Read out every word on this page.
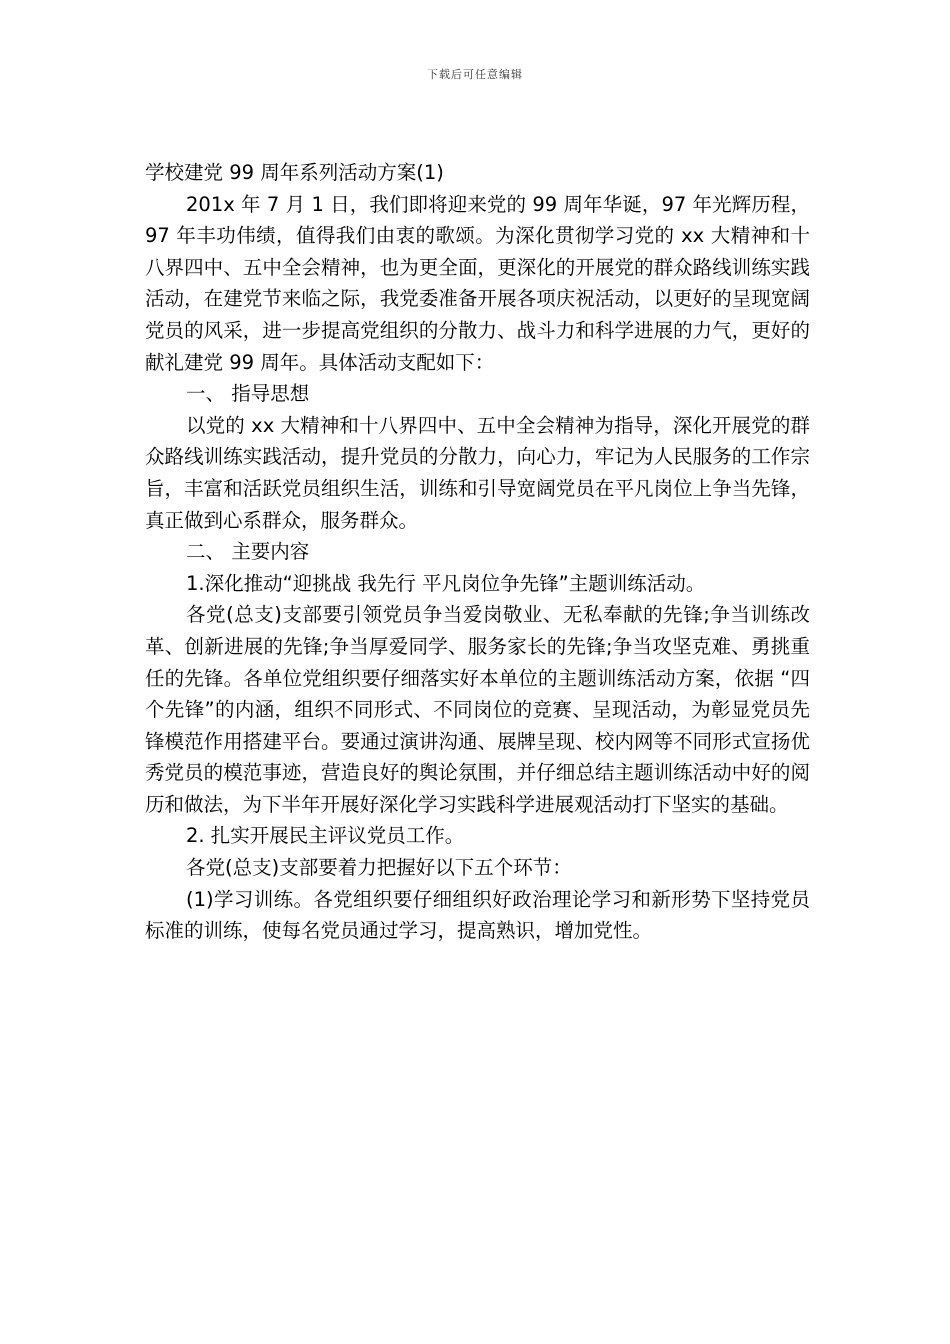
下载后可任意编辑

学校建党 99 周年系列活动方案(1)

201x 年 7 月 1 日，我们即将迎来党的 99 周年华诞，97 年光辉历程，97 年丰功伟绩，值得我们由衷的歌颂。为深化贯彻学习党的 xx 大精神和十八界四中、五中全会精神，也为更全面，更深化的开展党的群众路线训练实践活动，在建党节来临之际，我党委准备开展各项庆祝活动，以更好的呈现宽阔党员的风采，进一步提高党组织的分散力、战斗力和科学进展的力气，更好的献礼建党 99 周年。具体活动支配如下：

一、 指导思想

以党的 xx 大精神和十八界四中、五中全会精神为指导，深化开展党的群众路线训练实践活动，提升党员的分散力，向心力，牢记为人民服务的工作宗旨，丰富和活跃党员组织生活，训练和引导宽阔党员在平凡岗位上争当先锋，真正做到心系群众，服务群众。

二、 主要内容

1.深化推动“迎挑战 我先行 平凡岗位争先锋”主题训练活动。

各党(总支)支部要引领党员争当爱岗敬业、无私奉献的先锋;争当训练改革、创新进展的先锋;争当厚爱同学、服务家长的先锋;争当攻坚克难、勇挑重任的先锋。各单位党组织要仔细落实好本单位的主题训练活动方案，依据 “四个先锋”的内涵，组织不同形式、不同岗位的竞赛、呈现活动，为彰显党员先锋模范作用搭建平台。要通过演讲沟通、展牌呈现、校内网等不同形式宣扬优秀党员的模范事迹，营造良好的舆论氛围，并仔细总结主题训练活动中好的阅历和做法，为下半年开展好深化学习实践科学进展观活动打下坚实的基础。

2. 扎实开展民主评议党员工作。

各党(总支)支部要着力把握好以下五个环节：

(1)学习训练。各党组织要仔细组织好政治理论学习和新形势下坚持党员标准的训练，使每名党员通过学习，提高熟识，增加党性。
